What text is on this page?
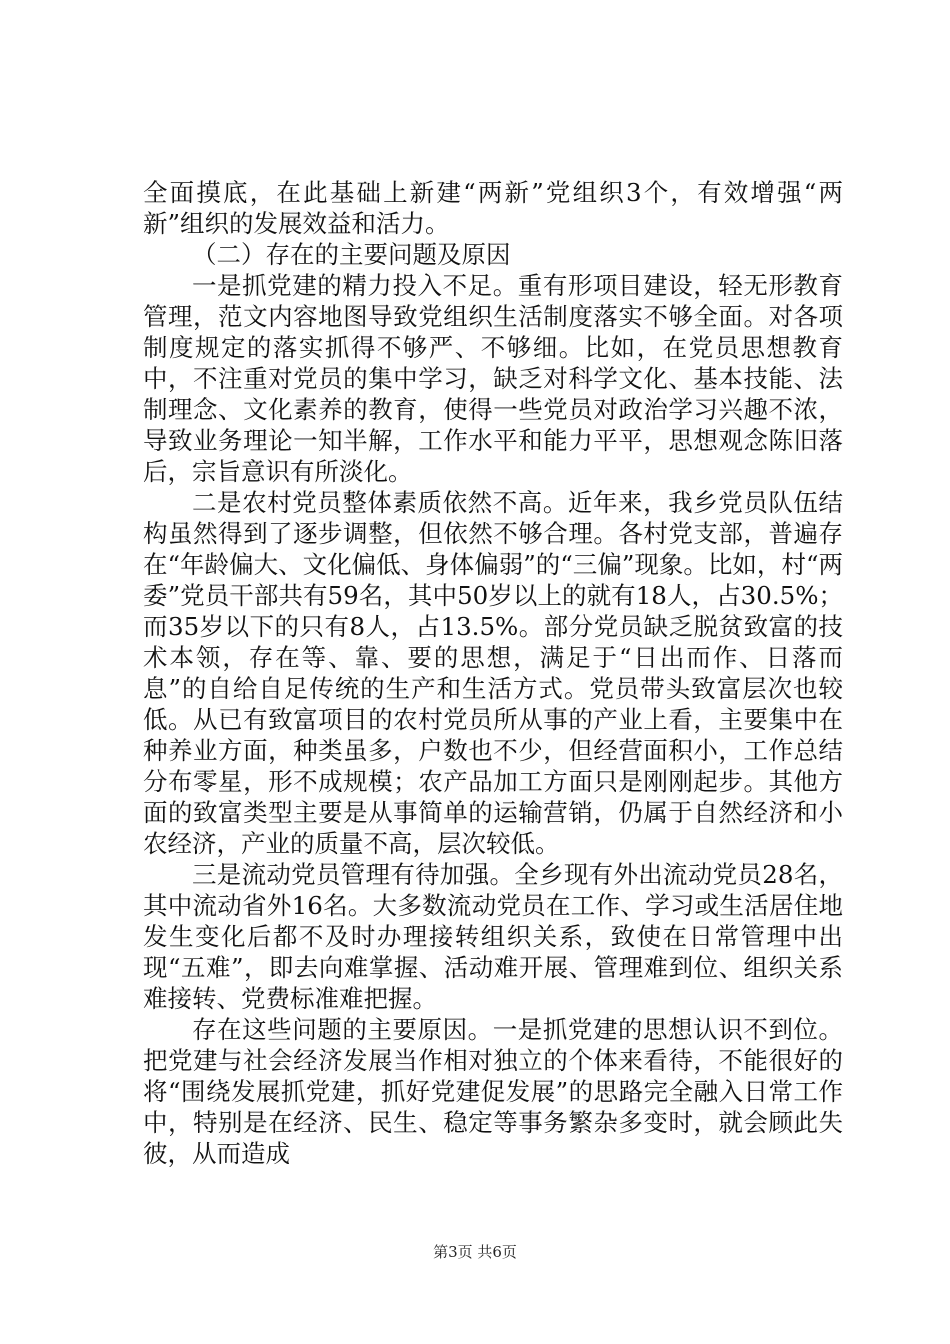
全面摸底，在此基础上新建“两新”党组织3个，有效增强“两新”组织的发展效益和活力。

（二）存在的主要问题及原因

一是抓党建的精力投入不足。重有形项目建设，轻无形教育管理，范文内容地图导致党组织生活制度落实不够全面。对各项制度规定的落实抓得不够严、不够细。比如，在党员思想教育中，不注重对党员的集中学习，缺乏对科学文化、基本技能、法制理念、文化素养的教育，使得一些党员对政治学习兴趣不浓，导致业务理论一知半解，工作水平和能力平平，思想观念陈旧落后，宗旨意识有所淡化。

二是农村党员整体素质依然不高。近年来，我乡党员队伍结构虽然得到了逐步调整，但依然不够合理。各村党支部，普遍存在“年龄偏大、文化偏低、身体偏弱”的“三偏”现象。比如，村“两委”党员干部共有59名，其中50岁以上的就有18人，占30.5%；而35岁以下的只有8人，占13.5%。部分党员缺乏脱贫致富的技术本领，存在等、靠、要的思想，满足于“日出而作、日落而息”的自给自足传统的生产和生活方式。党员带头致富层次也较低。从已有致富项目的农村党员所从事的产业上看，主要集中在种养业方面，种类虽多，户数也不少，但经营面积小，工作总结分布零星，形不成规模；农产品加工方面只是刚刚起步。其他方面的致富类型主要是从事简单的运输营销，仍属于自然经济和小农经济，产业的质量不高，层次较低。

三是流动党员管理有待加强。全乡现有外出流动党员28名，其中流动省外16名。大多数流动党员在工作、学习或生活居住地发生变化后都不及时办理接转组织关系，致使在日常管理中出现“五难”，即去向难掌握、活动难开展、管理难到位、组织关系难接转、党费标准难把握。

存在这些问题的主要原因。一是抓党建的思想认识不到位。把党建与社会经济发展当作相对独立的个体来看待，不能很好的将“围绕发展抓党建，抓好党建促发展”的思路完全融入日常工作中，特别是在经济、民生、稳定等事务繁杂多变时，就会顾此失彼，从而造成

第3页 共6页
